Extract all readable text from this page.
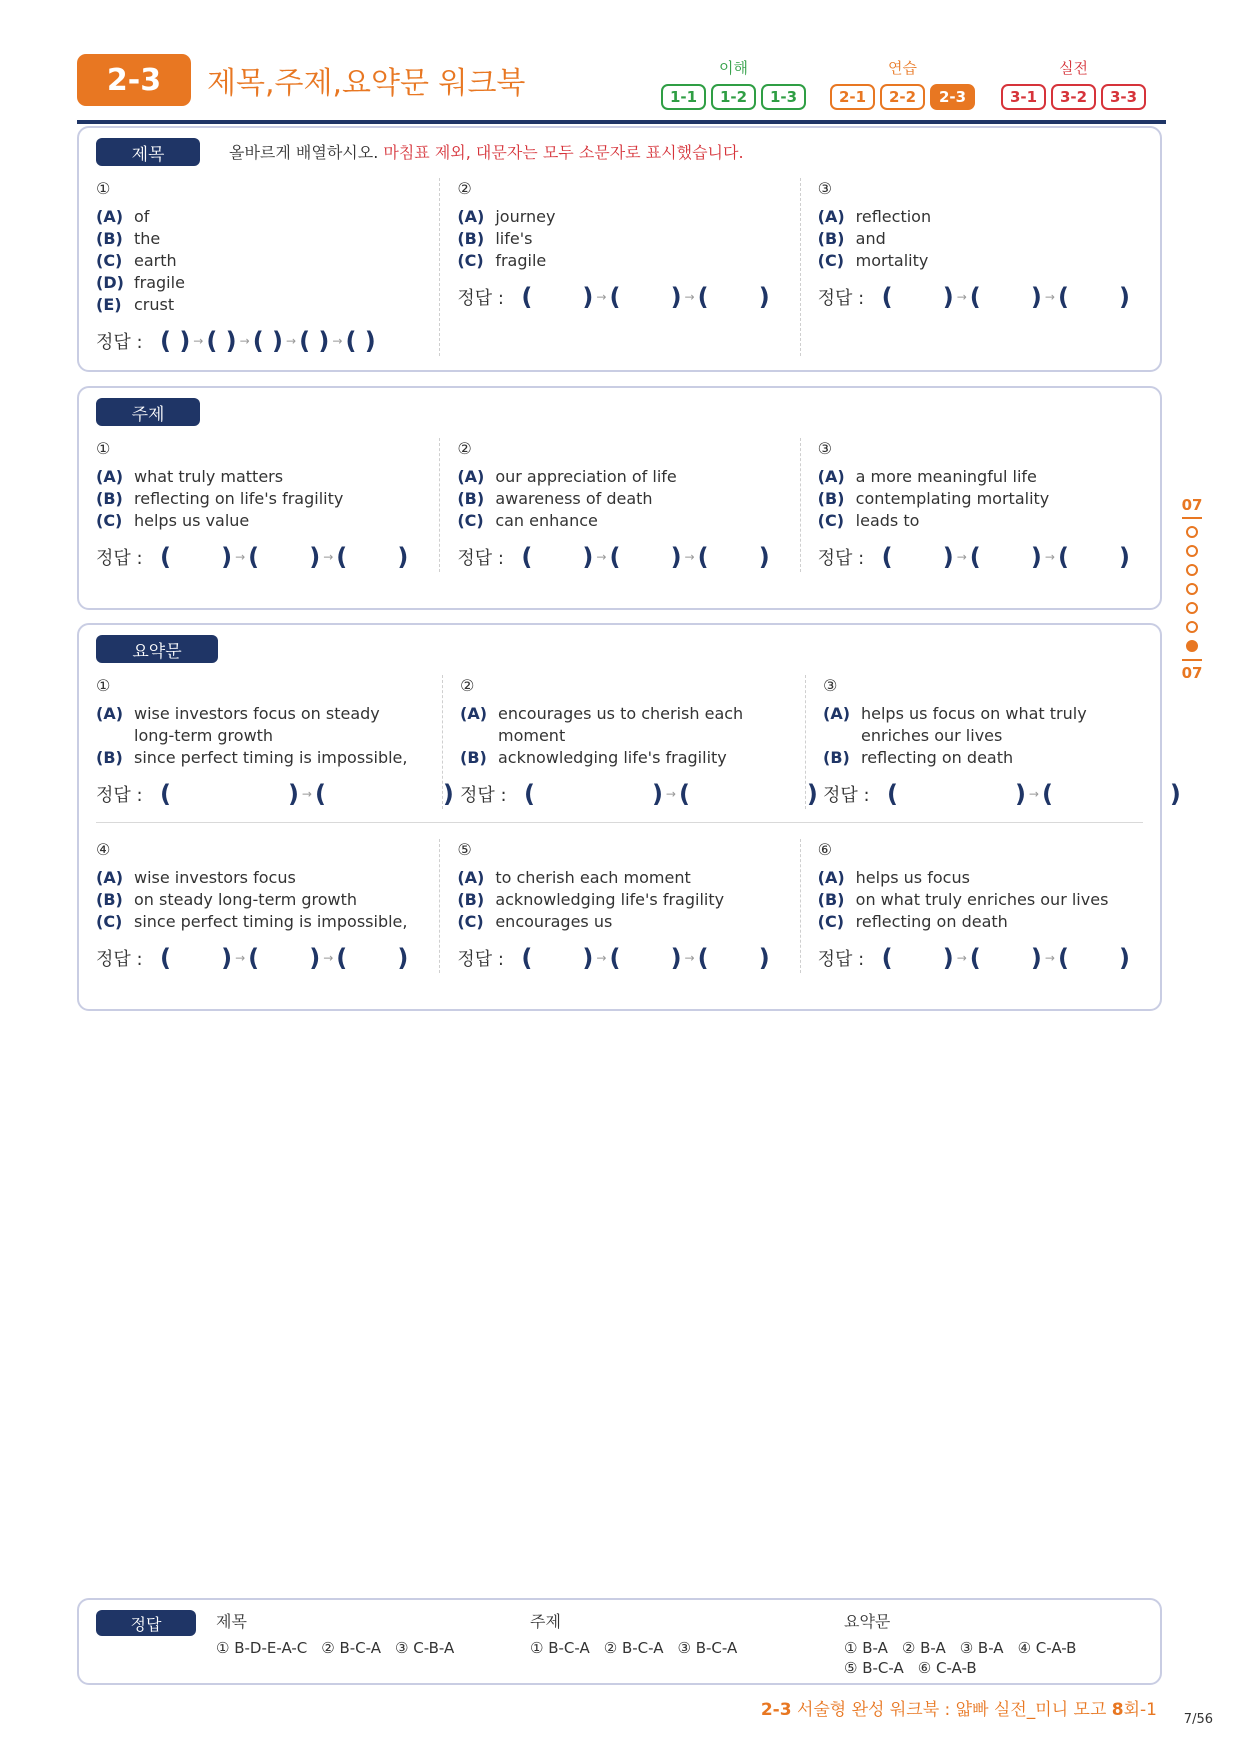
2-3	제목,주제,요약문 워크북	이해
1-1	1-2	1-3
연습
2-1	2-2	2-3
실전
3-1	3-2	3-3
제목	올바르게 배열하시오. 마침표 제외, 대문자는 모두 소문자로 표시했습니다.
①
(A) of
(B) the
(C) earth
(D) fragile
(E) crust
정답 : ( ) → ( ) → ( ) → ( ) → ( )
②
(A) journey
(B) life's
(C) fragile
정답 : (      ) → (      ) → (      )
③
(A) reflection
(B) and
(C) mortality
정답 : (      ) → (      ) → (      )
주제
①
(A) what truly matters
(B) reflecting on life's fragility
(C) helps us value
정답 : (      ) → (      ) → (      )
②
(A) our appreciation of life
(B) awareness of death
(C) can enhance
정답 : (      ) → (      ) → (      )
③
(A) a more meaningful life
(B) contemplating mortality
(C) leads to
정답 : (      ) → (      ) → (      )
요약문
①
(A) wise investors focus on steady long-term growth
(B) since perfect timing is impossible,
정답 : (              ) → (              )
②
(A) encourages us to cherish each moment
(B) acknowledging life's fragility
정답 : (              ) → (              )
③
(A) helps us focus on what truly enriches our lives
(B) reflecting on death
정답 : (              ) → (              )
④
(A) wise investors focus
(B) on steady long-term growth
(C) since perfect timing is impossible,
정답 : (      ) → (      ) → (      )
⑤
(A) to cherish each moment
(B) acknowledging life's fragility
(C) encourages us
정답 : (      ) → (      ) → (      )
⑥
(A) helps us focus
(B) on what truly enriches our lives
(C) reflecting on death
정답 : (      ) → (      ) → (      )
07
07
정답	제목
① B-D-E-A-C ② B-C-A ③ C-B-A
주제
① B-C-A ② B-C-A ③ B-C-A
요약문
① B-A ② B-A ③ B-A ④ C-A-B
⑤ B-C-A ⑥ C-A-B
2-3 서술형 완성 워크북 : 얇빠 실전_미니 모고 8회-1 7/56
